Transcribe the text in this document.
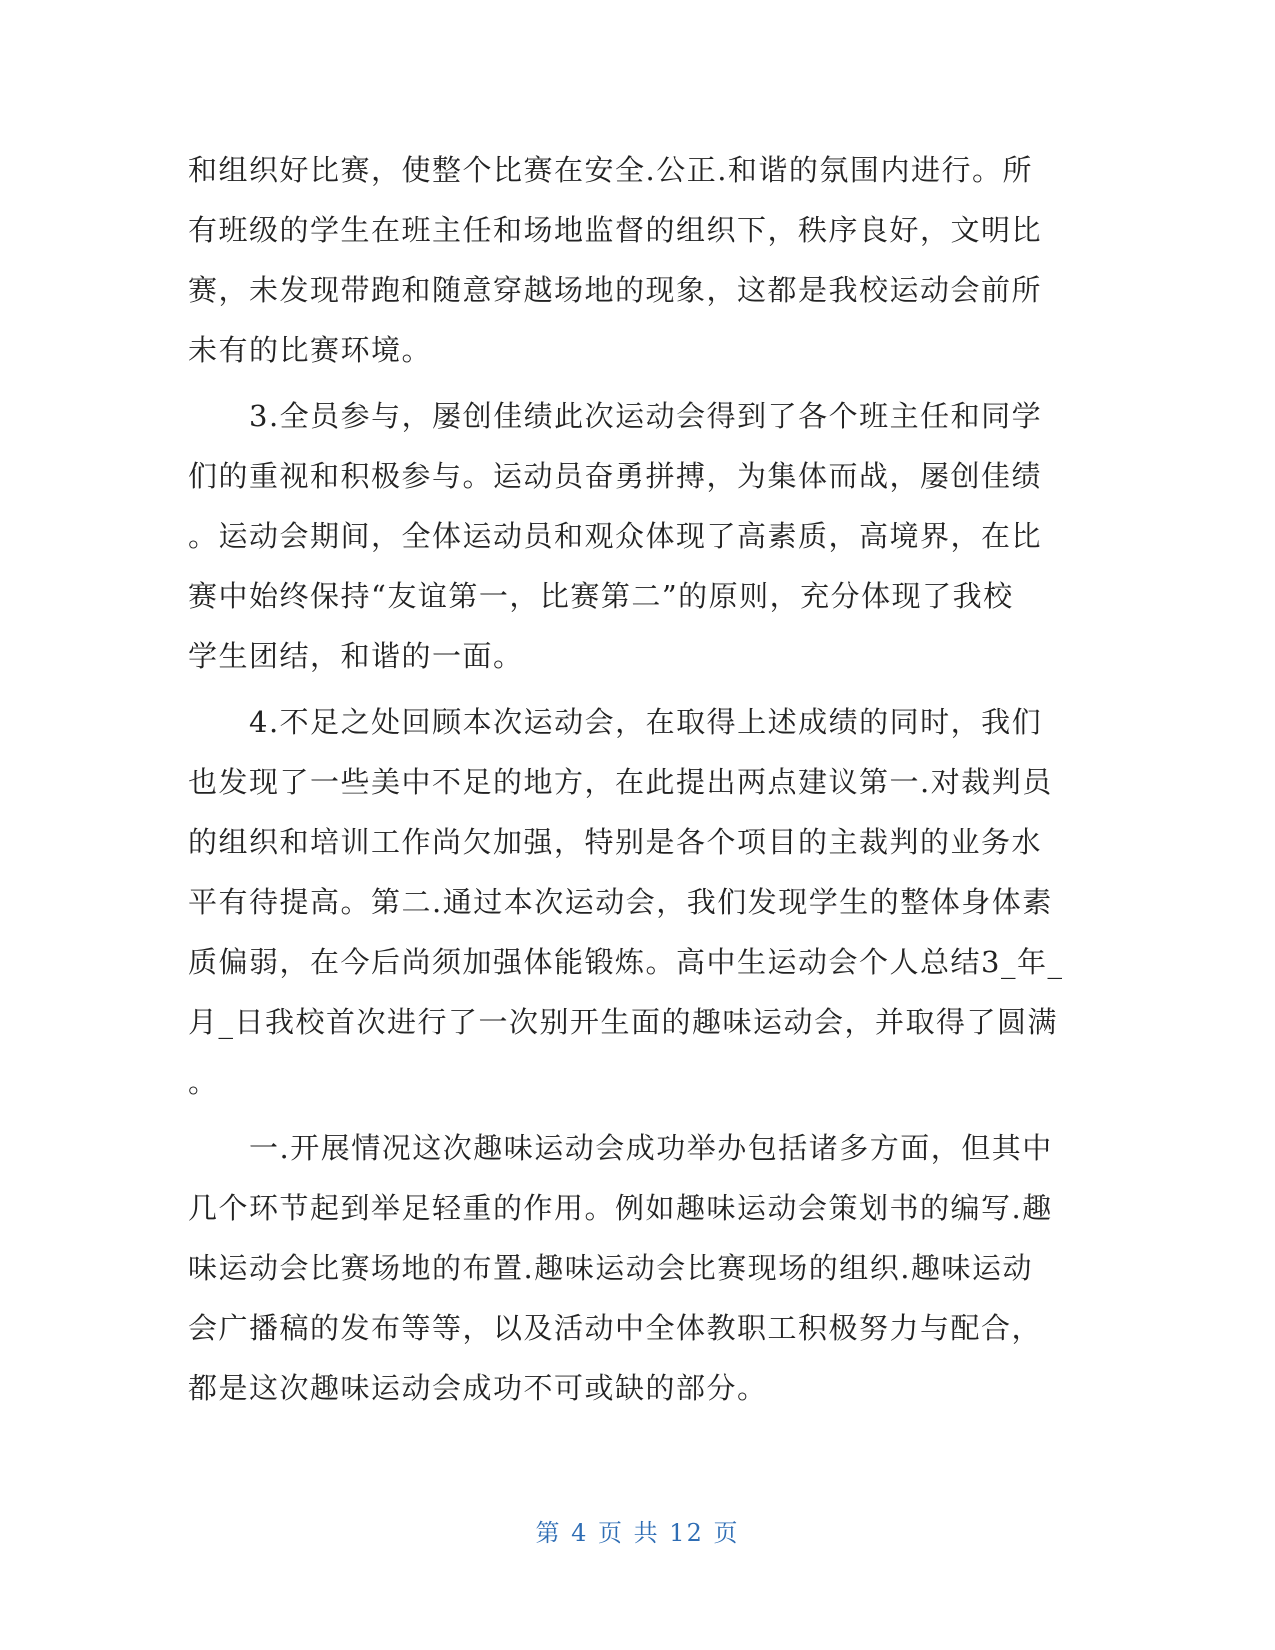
和组织好比赛，使整个比赛在安全.公正.和谐的氛围内进行。所
有班级的学生在班主任和场地监督的组织下，秩序良好，文明比
赛，未发现带跑和随意穿越场地的现象，这都是我校运动会前所
未有的比赛环境。
　　3.全员参与，屡创佳绩此次运动会得到了各个班主任和同学
们的重视和积极参与。运动员奋勇拼搏，为集体而战，屡创佳绩
。运动会期间，全体运动员和观众体现了高素质，高境界，在比
赛中始终保持“友谊第一，比赛第二”的原则，充分体现了我校
学生团结，和谐的一面。
　　4.不足之处回顾本次运动会，在取得上述成绩的同时，我们
也发现了一些美中不足的地方，在此提出两点建议第一.对裁判员
的组织和培训工作尚欠加强，特别是各个项目的主裁判的业务水
平有待提高。第二.通过本次运动会，我们发现学生的整体身体素
质偏弱，在今后尚须加强体能锻炼。高中生运动会个人总结3_年_
月_日我校首次进行了一次别开生面的趣味运动会，并取得了圆满
。
　　一.开展情况这次趣味运动会成功举办包括诸多方面，但其中
几个环节起到举足轻重的作用。例如趣味运动会策划书的编写.趣
味运动会比赛场地的布置.趣味运动会比赛现场的组织.趣味运动
会广播稿的发布等等，以及活动中全体教职工积极努力与配合，
都是这次趣味运动会成功不可或缺的部分。
第 4 页 共 12 页
